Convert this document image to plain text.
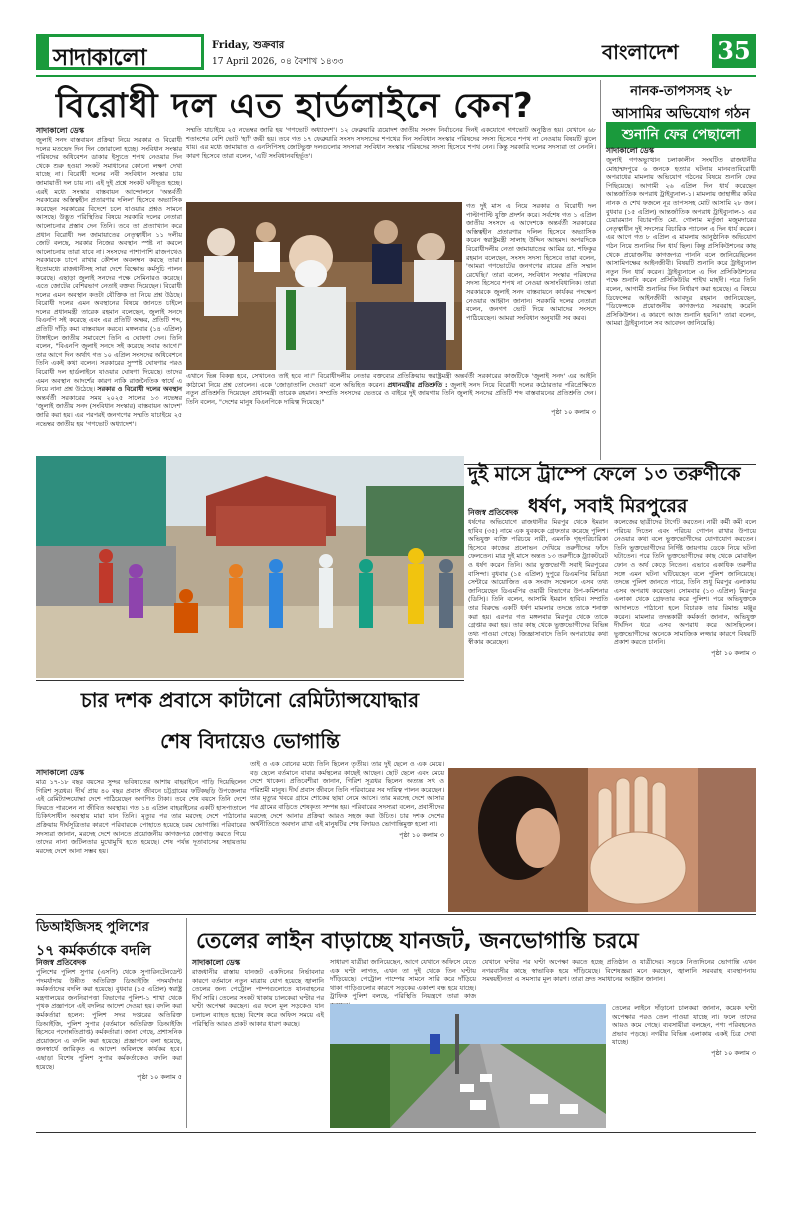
সাদাকালো	Friday, শুক্রবার
17 April 2026, ০৪ বৈশাখ ১৪৩৩	বাংলাদেশ 35
বিরোধী দল এত হার্ডলাইনে কেন?
সাদাকালো ডেস্ক
জুলাই সনদ বাস্তবায়ন প্রক্রিয়া নিয়ে সরকার ও বিরোধী দলের মতভেদ দিন দিন জোরালো হচ্ছে। সংবিধান সংস্কার পরিষদের অধিবেশন ডাকার ইস্যুতে শপথ নেওয়ার দিন থেকে শুরু হওয়া সংকট সমাধানের কোনো লক্ষণ দেখা যাচ্ছে না। বিরোধী দলের নবী সংবিধান সংস্কার চায় জামায়াতী দল চায় না। এই দুই প্রশ্নে সংকট ঘনীভূত হচ্ছে। এরই মধ্যে সংস্কার বাস্তবায়ন আন্দোলনে 'অন্তর্বর্তী সরকারের অস্তিত্বহীন প্রতারণার দলিল' হিসেবে অভ্যাসিক করেছেন সরকারের বিদেশে চলে যাওয়ার প্রশ্নও সামনে আসছে। উদ্ভূত পরিস্থিতির বিষয়ে সরকারি দলের নেতারা আলোচনার প্রস্তাব দেন তিনি। তবে তা প্রত্যাখ্যান করে প্রধান বিরোধী দল জামায়াতের নেতৃত্বাধীন ১১ দলীয় জোট বলছে, সরকার নিজের অবস্থান স্পষ্ট না করলে আলোচনায় তারা যাবে না। সংসদের পাশাপাশি রাজপথেও সরকারকে চাপে রাখার কৌশল অবলম্বন করছে তারা। ইতোমধ্যে রাজধানীসহ সারা দেশে বিক্ষোভ কর্মসূচি পালন করেছে। এছাড়া জুলাই সনদের পক্ষে সেমিনারও করেছে। এতে জোটের বেশিরভাগ নেতাই বক্তব্য দিয়েছেন। বিরোধী দলের এমন অবস্থান কতটা যৌক্তিক তা নিয়ে প্রশ্ন উঠছে। বিরোধী দলের এমন অবস্থানের বিষয়ে জানতে চাইলে দলের প্রধানমন্ত্রী তারেক রহমান বলেছেন, জুলাই সনদে বিএনপি সই করেছে এবং এর প্রতিটি অক্ষর, প্রতিটি শব্দ, প্রতিটি দাঁড়ি কমা বাস্তবায়ন করবে। মঙ্গলবার (১৪ এপ্রিল) টাঙ্গাইলে জাতীয় সমাবেশে তিনি এ ঘোষণা দেন। তিনি বলেন, "বিএনপি জুলাই সনদে সই করেছে সবার আগে।" তার আগে দিন অর্থাৎ গত ১০ এপ্রিল সংসদের অধিবেশনে তিনি একই কথা বলেন। সরকারের সুস্পষ্ট ঘোষণার পরও বিরোধী দল হার্ডলাইনে যাওয়ার ঘোষণা দিয়েছে। তাদের এমন অবস্থান আদর্শের কারণ নাকি রাজনৈতিক স্বার্থে এ নিয়ে নানা প্রশ্ন উঠেছে। সরকার ও বিরোধী দলের অবস্থান অন্তর্বর্তী সরকারের সময় ২০২৫ সালের ১৩ নভেম্বর 'জুলাই জাতীয় সনদ (সংবিধান সংস্কার) বাস্তবায়ন আদেশ' জারি করা হয়। এর পরপরই জনগণের সম্মতি যাচাইয়ে ২৫ নভেম্বর জাতীয় হয় 'গণভোট অধ্যাদেশ'।
সম্মতি যাচাইয়ে ২৫ নভেম্বর জারি হয় 'গণভোট অধ্যাদেশ'। ১২ ফেব্রুয়ারি ত্রয়োদশ জাতীয় সংসদ নির্বাচনের দিনই একযোগে গণভোট অনুষ্ঠিত হয়। যেখানে ৬৮ শতাংশের বেশি ভোট 'হ্যাঁ' জয়ী হয়। তবে গত ১৭ ফেব্রুয়ারি সংসদ সদস্যদের শপথের দিন সংবিধান সংস্কার পরিষদের সদস্য হিসেবে শপথ না নেওয়ায় বিষয়টি ঝুলে যায়। এর মধ্যে জামায়াত ও এনসিপিসহ জোটভুক্ত দলগুলোর সদস্যরা সংবিধান সংস্কার পরিষদের সদস্য হিসেবে শপথ নেন। কিন্তু সরকারি দলের সদস্যরা তা নেননি। কারণ হিসেবে তারা বলেন, 'এটি সংবিধানবহির্ভূত'।
গত দুই মাস এ নিয়ে সরকার ও বিরোধী দল পাল্টাপাল্টি যুক্তি প্রদর্শন করে। সর্বশেষ গত ১ এপ্রিল জাতীয় সংসদে এ আদেশকে অন্তর্বর্তী সরকারের অস্তিত্বহীন প্রতারণার দলিল হিসেবে অভ্যাসিক করেন স্বরাষ্ট্রমন্ত্রী সালাহ উদ্দিন আহমদ। অপরদিকে বিরোধীদলীয় নেতা জামায়াতের আমির ডা. শফিকুর রহমান বলেছেন, সংসদ সদস্য হিসেবে তারা বলেন, 'আমরা গণভোটের জনগণের রায়ের প্রতি সম্মান রেখেছি।' তারা বলেন, সংবিধান সংস্কার পরিষদের সদস্য হিসেবে শপথ না নেওয়া অসাংবিধানিক। তারা সরকারকে জুলাই সনদ বাস্তবায়নে কার্যকর পদক্ষেপ নেওয়ার আহ্বান জানান। সরকারি দলের নেতারা বলেন, জনগণ ভোট দিয়ে আমাদের সংসদে পাঠিয়েছেন। আমরা সংবিধান অনুযায়ী সব করব।
এখানে ভিন্ন বিকল্প হবে, সেখানেও তাই হবে না।" বিরোধীদলীয় নেতার বক্তব্যের প্রতিক্রিয়ায় স্বরাষ্ট্রমন্ত্রী অন্তর্বর্তী সরকারের কাজটিকে 'জুলাই সনদ' এর আইনি কাঠামো নিয়ে প্রশ্ন তোলেন। একে 'জোড়াতালি দেওয়া' বলে অভিহিত করেন। প্রধানমন্ত্রীর প্রতিশ্রুতি : জুলাই সনদ নিয়ে বিরোধী দলের কঠোরতার পরিপ্রেক্ষিতে নতুন প্রতিশ্রুতি দিয়েছেন প্রধানমন্ত্রী তারেক রহমান। সম্প্রতি সংসদের ভেতরে ও বাইরে দুই জায়গায় তিনি জুলাই সনদের প্রতিটি শব্দ বাস্তবায়নের প্রতিশ্রুতি দেন। তিনি বলেন, "দেশের মানুষ বিএনপিকে দায়িত্ব দিয়েছে।"
পৃষ্ঠা ১০ কলাম ৩
নানক-তাপসসহ ২৮
আসামির অভিযোগ গঠন
শুনানি ফের পেছালো
সাদাকালো ডেস্ক
জুলাই গণঅভ্যুত্থান চলাকালীন সংঘটিত রাজধানীর মোহাম্মদপুরে ৬ জনকে হত্যার ঘটনায় মানবতাবিরোধী অপরাধের মামলায় অভিযোগ গঠনের বিষয়ে শুনানি ফের পিছিয়েছে। আগামী ২৬ এপ্রিল দিন ধার্য করেছেন আন্তর্জাতিক অপরাধ ট্রাইব্যুনাল-১। মামলায় জাহাঙ্গীর কবির নানক ও শেখ ফজলে নূর তাপসসহ মোট আসামি ২৮ জন। বুধবার (১৫ এপ্রিল) আন্তর্জাতিক অপরাধ ট্রাইব্যুনাল-১ এর চেয়ারম্যান বিচারপতি মো. গোলাম মর্তুজা মজুমদারের নেতৃত্বাধীন দুই সদস্যের বিচারিক প্যানেল এ দিন ধার্য করেন। এর আগে গত ৮ এপ্রিল এ মামলায় আনুষ্ঠানিক অভিযোগ গঠন নিয়ে শুনানির দিন ধার্য ছিল। কিন্তু প্রসিকিউশনের কাছ থেকে প্রয়োজনীয় কাগজপত্র পাননি বলে জানিয়েছিলেন আসামিপক্ষের আইনজীবী। বিষয়টি শুনানি করে ট্রাইব্যুনাল নতুন দিন ধার্য করেন। ট্রাইব্যুনালে এ দিন প্রসিকিউশনের পক্ষে শুনানি করেন প্রসিকিউটর শাইখ মাহদী। পরে তিনি বলেন, আগামী শুনানির দিন নির্ধারণ করা হয়েছে। এ বিষয়ে ডিফেন্সের আইনজীবী আবদুর রহমান জানিয়েছেন, "ডিফেন্সকে প্রয়োজনীয় কাগজপত্র সরবরাহ করেনি প্রসিকিউশন। এ কারণে আজ শুনানি হয়নি।" তারা বলেন, আমরা ট্রাইব্যুনালে সব আবেদন জানিয়েছি।
দুই মাসে ট্রাম্পে ফেলে ১৩ তরুণীকে
ধর্ষণ, সবাই মিরপুরের
নিজস্ব প্রতিবেদক
ধর্ষণের অভিযোগে রাজধানীর মিরপুর থেকে ইমরান হাবিব (৩৫) নামে এক যুবককে গ্রেফতার করেছে পুলিশ। অভিযুক্ত ব্যক্তি পরিচয়ে নারী, এমনকি গৃহপরিচারিকা হিসেবে কাজের প্রলোভন দেখিয়ে তরুণীদের ফাঁদে ফেলতেন। মাত্র দুই মাসে অন্তত ১৩ তরুণীকে ট্র্যাকটরেট ও ধর্ষণ করেন তিনি। আর ভুক্তভোগী সবাই মিরপুরের বাসিন্দা। বুধবার (১৫ এপ্রিল) দুপুরে ডিএমপির মিডিয়া সেন্টারে আয়োজিত এক সংবাদ সম্মেলনে এসব তথ্য জানিয়েছেন ডিএমপির ওয়ারী বিভাগের উপ-কমিশনার (ডিসি)। তিনি বলেন, আসামি ইমরান হাবিব। সম্প্রতি তার বিরুদ্ধে একটি ধর্ষণ মামলার তদন্তে তাকে শনাক্ত করা হয়। এরপর গত মঙ্গলবার মিরপুর থেকে তাকে গ্রেপ্তার করা হয়। তার কাছ থেকে ভুক্তভোগীদের বিভিন্ন তথ্য পাওয়া গেছে। জিজ্ঞাসাবাদে তিনি অপরাধের কথা স্বীকার করেছেন।
কলেজের ছাত্রীদের টার্গেট করতেন। নারী কর্মী কমী বলে পরিচয় দিতেন এবং পরিচয় গোপন রাখার উপায়ে নেওয়ার কথা বলে ভুক্তভোগীদের যোগাযোগ করতেন। তিনি ভুক্তভোগীদের নির্দিষ্ট জায়গায় ডেকে নিয়ে ঘটনা ঘটাতেন। পরে তিনি ভুক্তভোগীদের কাছ থেকে মোবাইল ফোন ও অর্থ কেড়ে নিতেন। এভাবে একাধিক তরুণীর সঙ্গে এমন ঘটনা ঘটিয়েছেন বলে পুলিশ জানিয়েছে। তদন্তে পুলিশ জানতে পারে, তিনি শুধু মিরপুর এলাকায় এসব অপরাধ করেছেন। সোমবার (১৩ এপ্রিল) মিরপুর এলাকা থেকে গ্রেফতার করে পুলিশ। পরে অভিযুক্তকে আদালতে পাঠানো হলে বিচারক তার রিমান্ড মঞ্জুর করেন। মামলার তদন্তকারী কর্মকর্তা জানান, অভিযুক্ত দীর্ঘদিন ধরে এসব অপরাধ করে আসছিলেন। ভুক্তভোগীদের অনেকে সামাজিক লজ্জার কারণে বিষয়টি প্রকাশ করতে চাননি।
পৃষ্ঠা ১০ কলাম ৩
চার দশক প্রবাসে কাটানো রেমিট্যান্সযোদ্ধার
শেষ বিদায়েও ভোগান্তি
সাদাকালো ডেস্ক
মাত্র ১৭-১৮ বছর বয়সের সুন্দর ভবিষ্যতের আশায় বাহরাইনে পাড়ি দিয়েছিলেন গিরিশ সূত্রধর। দীর্ঘ প্রায় ৪০ বছর প্রবাস জীবনে চট্টগ্রামের ফটিকছড়ি উপজেলার এই রেমিট্যান্সযোদ্ধা দেশে পাঠিয়েছেন অগণিত টাকা। তবে শেষ বয়সে তিনি দেশে ফিরতে পারলেন না জীবিত অবস্থায়। গত ১৪ এপ্রিল বাহরাইনের একটি হাসপাতালে চিকিৎসাধীন অবস্থায় মারা যান তিনি। মৃত্যুর পর তার মরদেহ দেশে পাঠানোর প্রক্রিয়ায় দীর্ঘসূত্রিতার কারণে পরিবারকে পোহাতে হয়েছে চরম ভোগান্তি। পরিবারের সদস্যরা জানান, মরদেহ দেশে আনতে প্রয়োজনীয় কাগজপত্র জোগাড় করতে গিয়ে তাদের নানা জটিলতার মুখোমুখি হতে হয়েছে। শেষ পর্যন্ত দূতাবাসের সহায়তায় মরদেহ দেশে আনা সম্ভব হয়।
তাই ও এক বোনের মধ্যে তিনি ছিলেন তৃতীয়। তার দুই ছেলে ও এক মেয়ে। বড় ছেলে বর্তমানে বাবার কর্মস্থলের কাছেই আছেন। ছোট ছেলে এবং মেয়ে দেশে থাকেন। প্রতিবেশীরা জানান, গিরিশ সূত্রধর ছিলেন অত্যন্ত সৎ ও পরিশ্রমী মানুষ। দীর্ঘ প্রবাস জীবনে তিনি পরিবারের সব দায়িত্ব পালন করেছেন। তার মৃত্যুর খবরে গ্রামে শোকের ছায়া নেমে আসে। তার মরদেহ দেশে আসার পর গ্রামের বাড়িতে শেষকৃত্য সম্পন্ন হয়। পরিবারের সদস্যরা বলেন, প্রবাসীদের মরদেহ দেশে আনার প্রক্রিয়া আরও সহজ করা উচিত। চার দশক দেশের অর্থনীতিতে অবদান রাখা এই মানুষটির শেষ বিদায়ও ভোগান্তিমুক্ত হলো না।
পৃষ্ঠা ১০ কলাম ৩
ডিআইজিসহ পুলিশের
১৭ কর্মকর্তাকে বদলি
নিজস্ব প্রতিবেদক
পুলিশের পুলিশ সুপার (এসপি) থেকে সুপারিনটেনডেন্ট পদমর্যাদায় উন্নীত অতিরিক্ত ডিআইজি পদমর্যাদার কর্মকর্তাদের বদলি করা হয়েছে। বুধবার (১৫ এপ্রিল) স্বরাষ্ট্র মন্ত্রণালয়ের জননিরাপত্তা বিভাগের পুলিশ-১ শাখা থেকে পৃথক প্রজ্ঞাপনে এই বদলির আদেশ দেওয়া হয়। বদলি করা কর্মকর্তারা হলেন: পুলিশ সদর দপ্তরের অতিরিক্ত ডিআইজি, পুলিশ সুপার (বর্তমানে অতিরিক্ত ডিআইজি হিসেবে পদোন্নতিপ্রাপ্ত) কর্মকর্তারা। জানা গেছে, প্রশাসনিক প্রয়োজনে এ বদলি করা হয়েছে। প্রজ্ঞাপনে বলা হয়েছে, জনস্বার্থে জারিকৃত এ আদেশ অবিলম্বে কার্যকর হবে। এছাড়া বিশেষ পুলিশ সুপার কর্মকর্তাকেও বদলি করা হয়েছে।
পৃষ্ঠা ১০ কলাম ৫
তেলের লাইন বাড়াচ্ছে যানজট, জনভোগান্তি চরমে
সাদাকালো ডেস্ক
রাজধানীর রাস্তায় যানজট একদিনের নির্ভাবনার কারণে বর্তমানে নতুন মাত্রায় যোগ হয়েছে জ্বালানি তেলের জন্য পেট্রোল পাম্পগুলোতে যানবাহনের দীর্ঘ সারি। তেলের সংকট থাকায় চালকেরা ঘণ্টার পর ঘণ্টা অপেক্ষা করছেন। এর ফলে মূল সড়কেও যান চলাচল ব্যাহত হচ্ছে। বিশেষ করে অফিস সময়ে এই পরিস্থিতি আরও প্রকট আকার ধারণ করছে।
সাধারণ যাত্রীরা জানিয়েছেন, আগে যেখানে অফিসে যেতে এক ঘণ্টা লাগত, এখন তা দুই থেকে তিন ঘণ্টায় দাঁড়িয়েছে। পেট্রোল পাম্পের সামনে সারি করে দাঁড়িয়ে থাকা গাড়িগুলোর কারণে সড়কের একাংশ বন্ধ হয়ে যাচ্ছে। ট্রাফিক পুলিশ বলছে, পরিস্থিতি নিয়ন্ত্রণে তারা কাজ
যেখানে ঘণ্টার পর ঘণ্টা অপেক্ষা করতে হচ্ছে প্রতিষ্ঠান ও যাত্রীদের। সড়কে নিত্যদিনের ভোগান্তি এখন নগরবাসীর কাছে স্বাভাবিক হয়ে দাঁড়িয়েছে। বিশেষজ্ঞরা মনে করছেন, জ্বালানি সরবরাহ ব্যবস্থাপনায় সমন্বয়হীনতা এ সমস্যার মূল কারণ। তারা দ্রুত সমাধানের আহ্বান জানান।
তেলের লাইনে দাঁড়ানো চালকরা জানান, কয়েক ঘণ্টা অপেক্ষার পরও তেল পাওয়া যাচ্ছে না। ফলে তাদের আয়ও কমে গেছে। ব্যবসায়ীরা বলছেন, পণ্য পরিবহনেও প্রভাব পড়ছে। নগরীর বিভিন্ন এলাকায় একই চিত্র দেখা যাচ্ছে।
পৃষ্ঠা ১০ কলাম ৩
